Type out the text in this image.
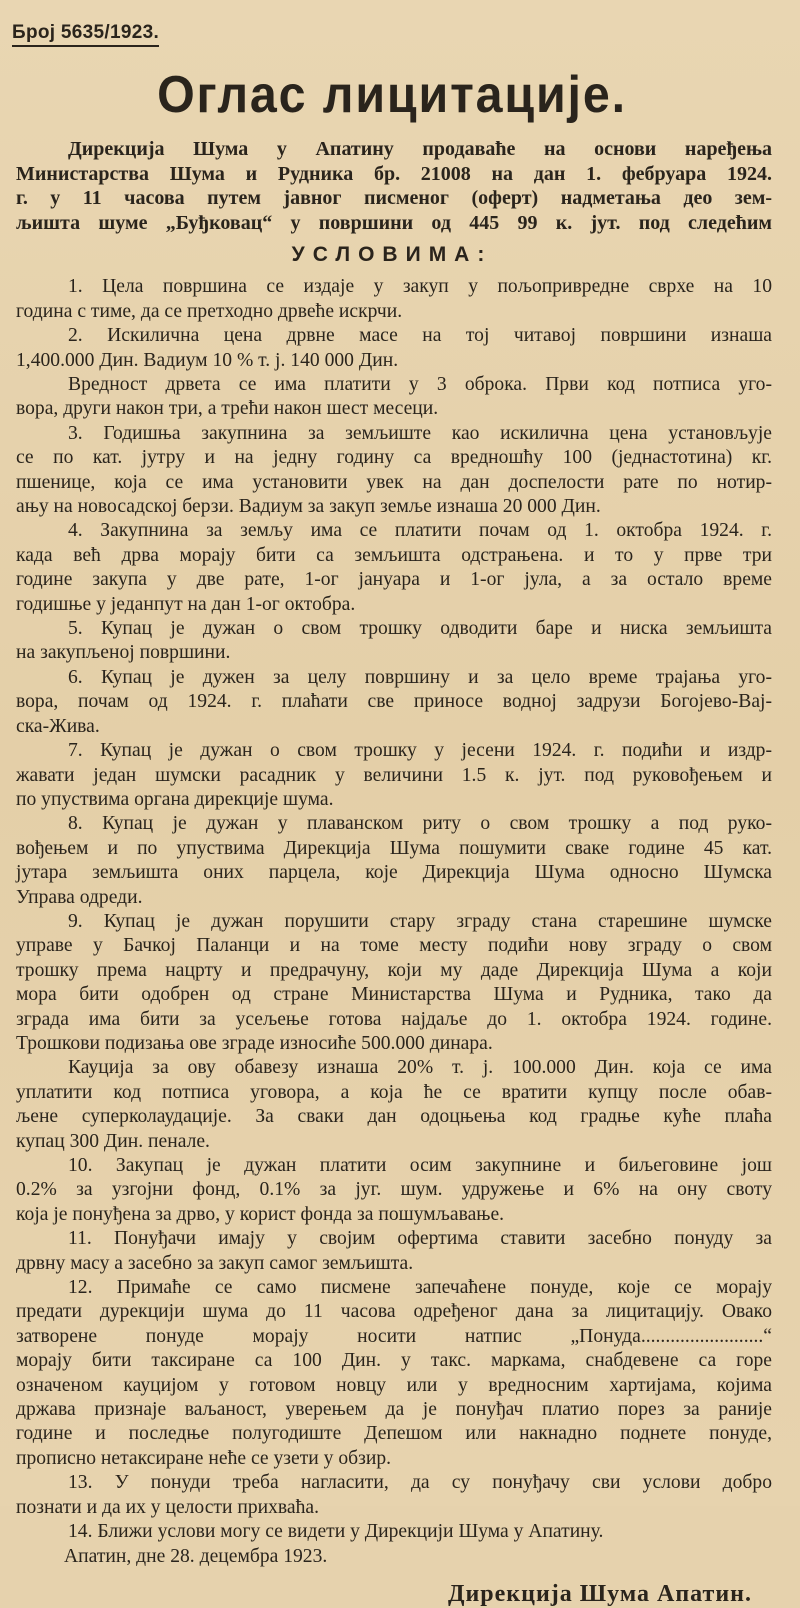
Број 5635/1923.
Оглас лицитације.
Дирекција Шума у Апатину продаваће на основи наређења
Министарства Шума и Рудника бр. 21008 на дан 1. фебруара 1924.
г. у 11 часова путем јавног писменог (оферт) надметања део зем-
љишта шуме „Буђковац“ у површини од 445 99 к. јут. под следећим
УСЛОВИМА:
1. Цела површина се издаје у закуп у пољопривредне сврхе на 10
година с тиме, да се претходно дрвеће искрчи.
2. Искилична цена дрвне масе на тој читавој површини изнаша
1,400.000 Дин. Вадиум 10 % т. ј. 140 000 Дин.
Вредност дрвета се има платити у 3 оброка. Први код потписа уго-
вора, други након три, а трећи након шест месеци.
3. Годишња закупнина за земљиште као искилична цена установљује
се по кат. јутру и на једну годину са вредношћу 100 (једнастотина) кг.
пшенице, која се има установити увек на дан доспелости рате по нотир-
ању на новосадској берзи. Вадиум за закуп земље изнаша 20 000 Дин.
4. Закупнина за земљу има се платити почам од 1. октобра 1924. г.
када већ дрва морају бити са земљишта одстрањена. и то у прве три
године закупа у две рате, 1-ог јануара и 1-ог јула, а за остало време
годишње у једанпут на дан 1-ог октобра.
5. Купац је дужан о свом трошку одводити баре и ниска земљишта
на закупљеној површини.
6. Купац је дужен за целу површину и за цело време трајања уго-
вора, почам од 1924. г. плаћати све приносе водној задрузи Богојево-Вај-
ска-Жива.
7. Купац је дужан о свом трошку у јесени 1924. г. подићи и издр-
жавати један шумски расадник у величини 1.5 к. јут. под руковођењем и
по упуствима органа дирекције шума.
8. Купац је дужан у плаванском риту о свом трошку а под руко-
вођењем и по упуствима Дирекција Шума пошумити сваке године 45 кат.
јутара земљишта оних парцела, које Дирекција Шума односно Шумска
Управа одреди.
9. Купац је дужан порушити стару зграду стана старешине шумске
управе у Бачкој Паланци и на томе месту подићи нову зграду о свом
трошку према нацрту и предрачуну, који му даде Дирекција Шума а који
мора бити одобрен од стране Министарства Шума и Рудника, тако да
зграда има бити за усељење готова најдаље до 1. октобра 1924. године.
Трошкови подизања ове зграде износиће 500.000 динара.
Кауција за ову обавезу изнаша 20% т. ј. 100.000 Дин. која се има
уплатити код потписа уговора, а која ће се вратити купцу после обав-
љене суперколаудације. За сваки дан одоцњења код градње куће плаћа
купац 300 Дин. пенале.
10. Закупац је дужан платити осим закупнине и биљеговине још
0.2% за узгојни фонд, 0.1% за југ. шум. удружење и 6% на ону своту
која је понуђена за дрво, у корист фонда за пошумљавање.
11. Понуђачи имају у својим офертима ставити засебно понуду за
дрвну масу а засебно за закуп самог земљишта.
12. Примаће се само писмене запечаћене понуде, које се морају
предати дурекцији шума до 11 часова одређеног дана за лицитацију. Овако
затворене понуде морају носити натпис „Понуда.........................“
морају бити таксиране са 100 Дин. у такс. маркама, снабдевене са горе
означеном кауцијом у готовом новцу или у вредносним хартијама, којима
држава признаје ваљаност, уверењем да је понуђач платио порез за раније
године и последње полугодиште Депешом или накнадно поднете понуде,
прописно нетаксиране неће се узети у обзир.
13. У понуди треба нагласити, да су понуђачу сви услови добро
познати и да их у целости прихваћа.
14. Ближи услови могу се видети у Дирекцији Шума у Апатину.
Апатин, дне 28. децембра 1923.
Дирекција Шума Апатин.
